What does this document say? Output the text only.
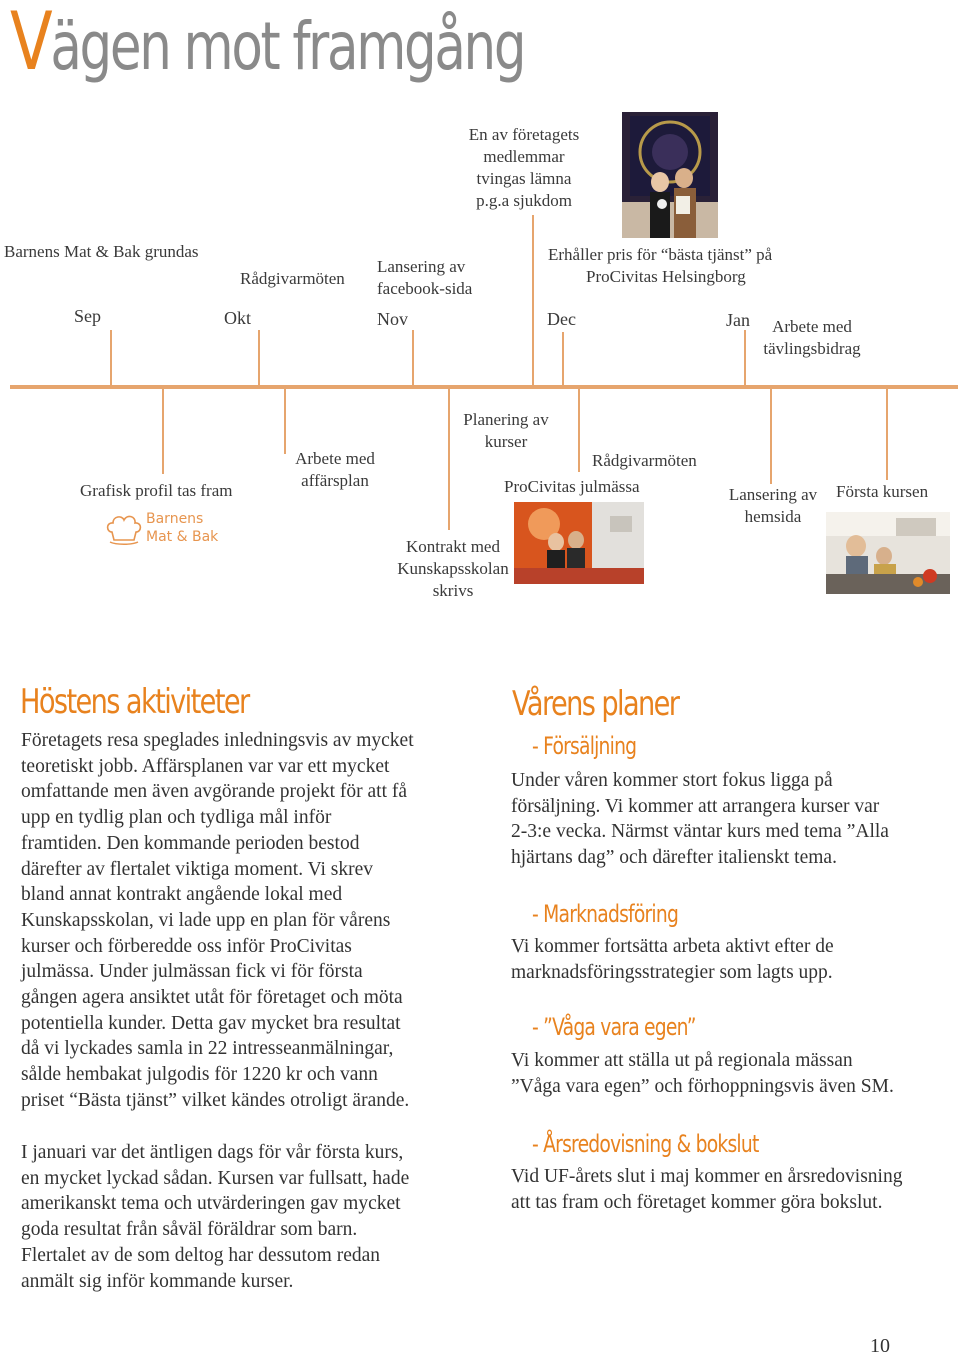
Vägen mot framgång
Barnens Mat & Bak grundas
Rådgivarmöten
Lansering av
facebook-sida
En av företagets
medlemmar
tvingas lämna
p.g.a sjukdom
Erhåller pris för “bästa tjänst” på
ProCivitas Helsingborg
Arbete med
tävlingsbidrag
Sep	Okt	Nov	Dec	Jan
Grafisk profil tas fram
Arbete med
affärsplan
Kontrakt med
Kunskapsskolan
skrivs
Planering av
kurser
ProCivitas julmässa
Rådgivarmöten
Lansering av
hemsida
Första kursen
Barnens
Mat & Bak
Höstens aktiviteter
Företagets resa speglades inledningsvis av mycket
teoretiskt jobb. Affärsplanen var var ett mycket
omfattande men även avgörande projekt för att få
upp en tydlig plan och tydliga mål inför
framtiden. Den kommande perioden bestod
därefter av flertalet viktiga moment. Vi skrev
bland annat kontrakt angående lokal med
Kunskapsskolan, vi lade upp en plan för vårens
kurser och förberedde oss inför ProCivitas
julmässa. Under julmässan fick vi för första
gången agera ansiktet utåt för företaget och möta
potentiella kunder. Detta gav mycket bra resultat
då vi lyckades samla in 22 intresseanmälningar,
sålde hembakat julgodis för 1220 kr och vann
priset “Bästa tjänst” vilket kändes otroligt ärande.
I januari var det äntligen dags för vår första kurs,
en mycket lyckad sådan. Kursen var fullsatt, hade
amerikanskt tema och utvärderingen gav mycket
goda resultat från såväl föräldrar som barn.
Flertalet av de som deltog har dessutom redan
anmält sig inför kommande kurser.
Vårens planer
- Försäljning
Under våren kommer stort fokus ligga på
försäljning. Vi kommer att arrangera kurser var
2-3:e vecka. Närmst väntar kurs med tema ”Alla
hjärtans dag” och därefter italienskt tema.
- Marknadsföring
Vi kommer fortsätta arbeta aktivt efter de
marknadsföringsstrategier som lagts upp.
- ”Våga vara egen”
Vi kommer att ställa ut på regionala mässan
”Våga vara egen” och förhoppningsvis även SM.
- Årsredovisning & bokslut
Vid UF-årets slut i maj kommer en årsredovisning
att tas fram och företaget kommer göra bokslut.
10
